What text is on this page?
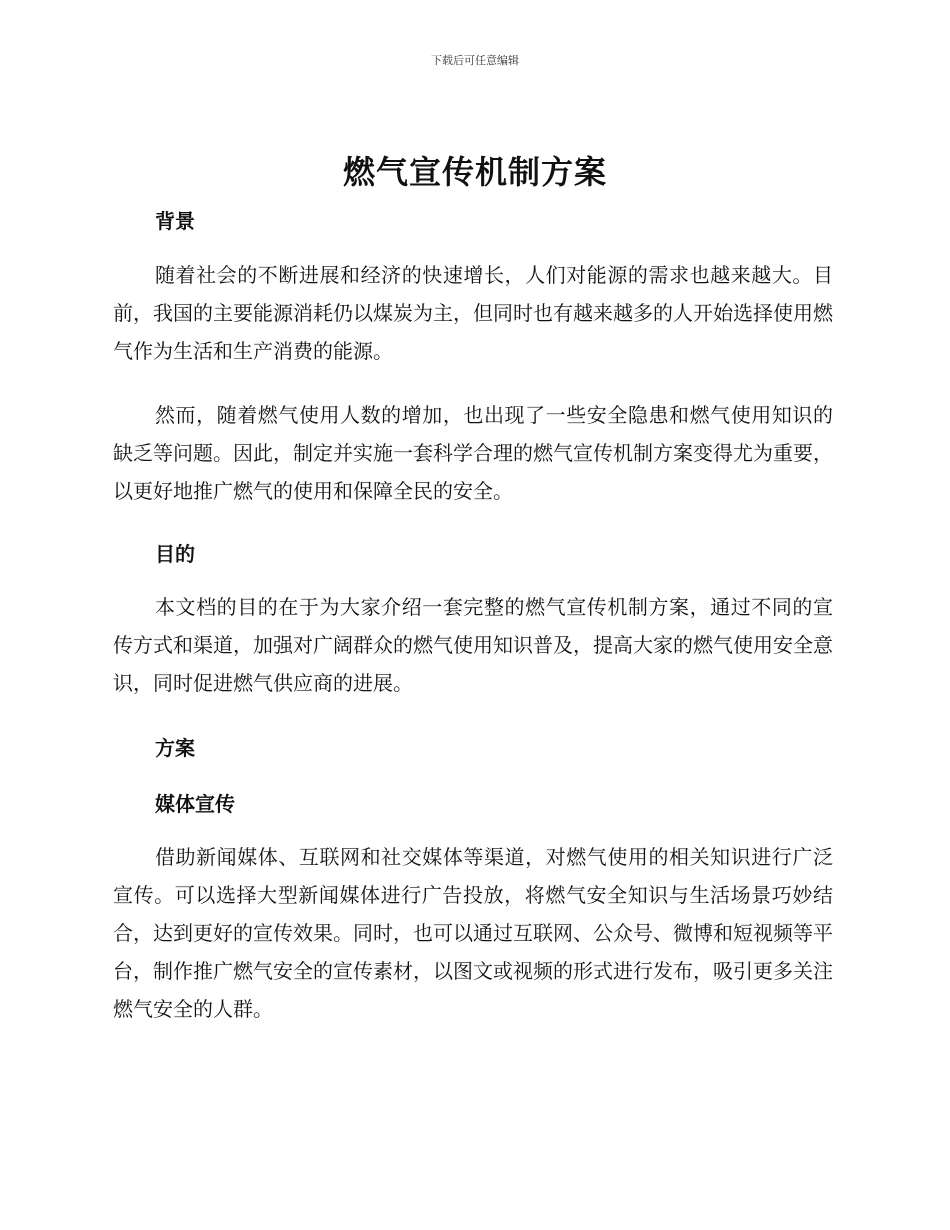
下载后可任意编辑
燃气宣传机制方案
背景

随着社会的不断进展和经济的快速增长，人们对能源的需求也越来越大。目前，我国的主要能源消耗仍以煤炭为主，但同时也有越来越多的人开始选择使用燃气作为生活和生产消费的能源。

然而，随着燃气使用人数的增加，也出现了一些安全隐患和燃气使用知识的缺乏等问题。因此，制定并实施一套科学合理的燃气宣传机制方案变得尤为重要，以更好地推广燃气的使用和保障全民的安全。

目的

本文档的目的在于为大家介绍一套完整的燃气宣传机制方案，通过不同的宣传方式和渠道，加强对广阔群众的燃气使用知识普及，提高大家的燃气使用安全意识，同时促进燃气供应商的进展。

方案
媒体宣传

借助新闻媒体、互联网和社交媒体等渠道，对燃气使用的相关知识进行广泛宣传。可以选择大型新闻媒体进行广告投放，将燃气安全知识与生活场景巧妙结合，达到更好的宣传效果。同时，也可以通过互联网、公众号、微博和短视频等平台，制作推广燃气安全的宣传素材，以图文或视频的形式进行发布，吸引更多关注燃气安全的人群。
